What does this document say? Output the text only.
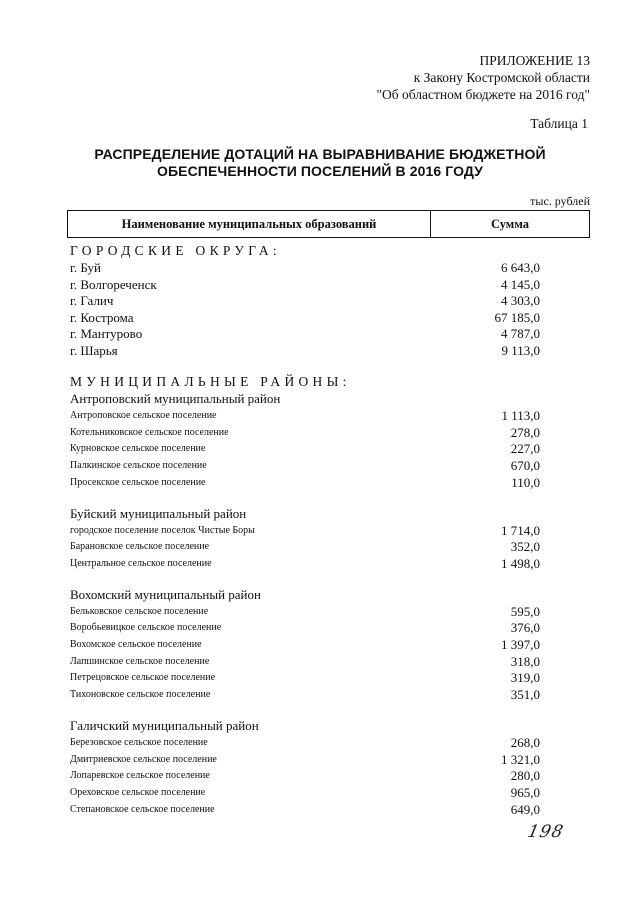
ПРИЛОЖЕНИЕ 13
к Закону Костромской области
"Об областном бюджете на 2016 год"
Таблица 1
РАСПРЕДЕЛЕНИЕ ДОТАЦИЙ НА ВЫРАВНИВАНИЕ БЮДЖЕТНОЙ
ОБЕСПЕЧЕННОСТИ ПОСЕЛЕНИЙ В 2016 ГОДУ
тыс. рублей
Наименование муниципальных образований	Сумма
ГОРОДСКИЕ ОКРУГА:
г. Буй	6 643,0
г. Волгореченск	4 145,0
г. Галич	4 303,0
г. Кострома	67 185,0
г. Мантурово	4 787,0
г. Шарья	9 113,0
МУНИЦИПАЛЬНЫЕ РАЙОНЫ:
Антроповский муниципальный район
Антроповское сельское поселение	1 113,0
Котельниковское сельское поселение	278,0
Курновское сельское поселение	227,0
Палкинское сельское поселение	670,0
Просекское сельское поселение	110,0
Буйский муниципальный район
городское поселение поселок Чистые Боры	1 714,0
Барановское сельское поселение	352,0
Центральное сельское поселение	1 498,0
Вохомский муниципальный район
Бельковское сельское поселение	595,0
Воробьевицкое сельское поселение	376,0
Вохомское сельское поселение	1 397,0
Лапшинское сельское поселение	318,0
Петрецовское сельское поселение	319,0
Тихоновское сельское поселение	351,0
Галичский муниципальный район
Березовское сельское поселение	268,0
Дмитриевское сельское поселение	1 321,0
Лопаревское сельское поселение	280,0
Ореховское сельское поселение	965,0
Степановское сельское поселение	649,0
198
